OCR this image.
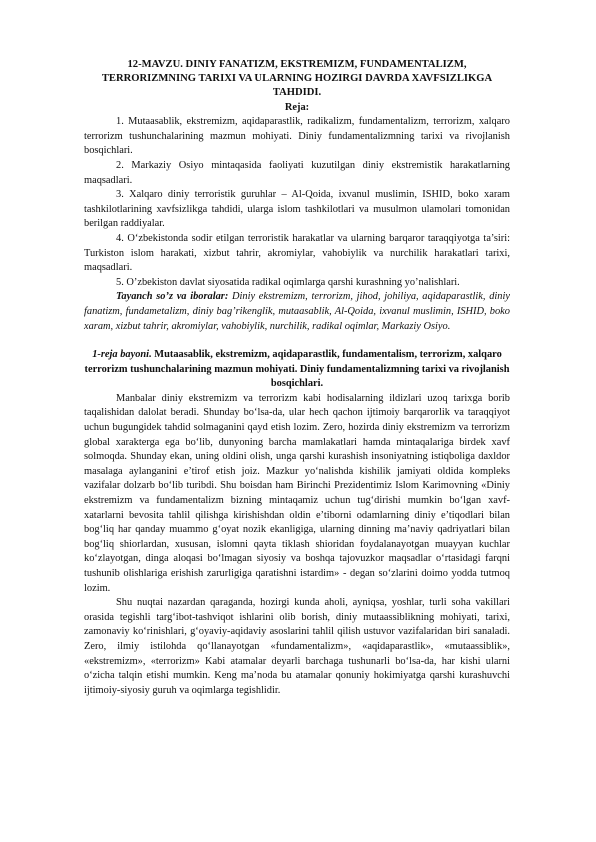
12-MAVZU. DINIY FANATIZM, EKSTREMIZM, FUNDAMENTALIZM, TERRORIZMNING TARIXI VA ULARNING HOZIRGI DAVRDA XAVFSIZLIKGA TAHDIDI.
Reja:

1. Mutaasablik, ekstremizm, aqidaparastlik, radikalizm, fundamentalizm, terrorizm, xalqaro terrorizm tushunchalarining mazmun mohiyati. Diniy fundamentalizmning tarixi va rivojlanish bosqichlari.

2. Markaziy Osiyo mintaqasida faoliyati kuzutilgan diniy ekstremistik harakatlarning maqsadlari.

3. Xalqaro diniy terroristik guruhlar – Al-Qoida, ixvanul muslimin, ISHID, boko xaram tashkilotlarining xavfsizlikga tahdidi, ularga islom tashkilotlari va musulmon ulamolari tomonidan berilgan raddiyalar.

4. O‘zbekistonda sodir etilgan terroristik harakatlar va ularning barqaror taraqqiyotga ta’siri: Turkiston islom harakati, xizbut tahrir, akromiylar, vahobiylik va nurchilik harakatlari tarixi, maqsadlari.

5. O’zbekiston davlat siyosatida radikal oqimlarga qarshi kurashning yo’nalishlari.

Tayanch so’z va iboralar: Diniy ekstremizm, terrorizm, jihod, johiliya, aqidaparastlik, diniy fanatizm, fundametalizm, diniy bag’rikenglik, mutaasablik, Al-Qoida, ixvanul muslimin, ISHID, boko xaram, xizbut tahrir, akromiylar, vahobiylik, nurchilik, radikal oqimlar, Markaziy Osiyo.

1-reja bayoni. Mutaasablik, ekstremizm, aqidaparastlik, fundamentalism, terrorizm, xalqaro terrorizm tushunchalarining mazmun mohiyati. Diniy fundamentalizmning tarixi va rivojlanish bosqichlari.

Manbalar diniy ekstremizm va terrorizm kabi hodisalarning ildizlari uzoq tarixga borib taqalishidan dalolat beradi. Shunday bo‘lsa-da, ular hech qachon ijtimoiy barqarorlik va taraqqiyot uchun bugungidek tahdid solmaganini qayd etish lozim. Zero, hozirda diniy ekstremizm va terrorizm global xarakterga ega bo‘lib, dunyoning barcha mamlakatlari hamda mintaqalariga birdek xavf solmoqda. Shunday ekan, uning oldini olish, unga qarshi kurashish insoniyatning istiqboliga daxldor masalaga aylanganini e’tirof etish joiz. Mazkur yo‘nalishda kishilik jamiyati oldida kompleks vazifalar dolzarb bo‘lib turibdi. Shu boisdan ham Birinchi Prezidentimiz Islom Karimovning «Diniy ekstremizm va fundamentalizm bizning mintaqamiz uchun tug‘dirishi mumkin bo‘lgan xavf-xatarlarni bevosita tahlil qilishga kirishishdan oldin e’tiborni odamlarning diniy e’tiqodlari bilan bog‘liq har qanday muammo g‘oyat nozik ekanligiga, ularning dinning ma’naviy qadriyatlari bilan bog‘liq shiorlardan, xususan, islomni qayta tiklash shioridan foydalanayotgan muayyan kuchlar ko‘zlayotgan, dinga aloqasi bo‘lmagan siyosiy va boshqa tajovuzkor maqsadlar o‘rtasidagi farqni tushunib olishlariga erishish zarurligiga qaratishni istardim» - degan so‘zlarini doimo yodda tutmoq lozim.

Shu nuqtai nazardan qaraganda, hozirgi kunda aholi, ayniqsa, yoshlar, turli soha vakillari orasida tegishli targ‘ibot-tashviqot ishlarini olib borish, diniy mutaassiblikning mohiyati, tarixi, zamonaviy ko‘rinishlari, g‘oyaviy-aqidaviy asoslarini tahlil qilish ustuvor vazifalaridan biri sanaladi. Zero, ilmiy istilohda qo‘llanayotgan «fundamentalizm», «aqidaparastlik», «mutaassiblik», «ekstremizm», «terrorizm» Kabi atamalar deyarli barchaga tushunarli bo‘lsa-da, har kishi ularni o‘zicha talqin etishi mumkin. Keng ma’noda bu atamalar qonuniy hokimiyatga qarshi kurashuvchi ijtimoiy-siyosiy guruh va oqimlarga tegishlidir.
